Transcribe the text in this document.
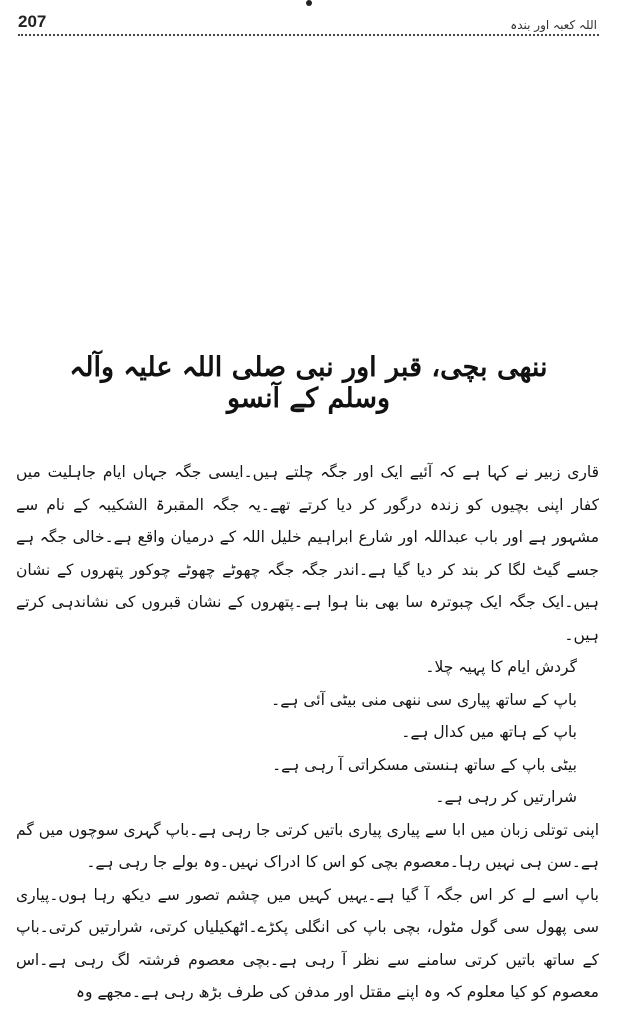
207	اللہ کعبہ اور بندہ
ننھی بچی، قبر اور نبی صلی اللہ علیہ وآلہ وسلم کے آنسو

قاری زبیر نے کہا ہے کہ آئیے ایک اور جگہ چلتے ہیں۔ایسی جگہ جہاں ایام جاہلیت میں کفار اپنی بچیوں کو زندہ درگور کر دیا کرتے تھے۔یہ جگہ المقبرۃ الشکیبہ کے نام سے مشہور ہے اور باب عبداللہ اور شارع ابراہیم خلیل اللہ کے درمیان واقع ہے۔خالی جگہ ہے جسے گیٹ لگا کر بند کر دیا گیا ہے۔اندر جگہ جگہ چھوٹے چھوٹے چوکور پتھروں کے نشان ہیں۔ایک جگہ ایک چبوترہ سا بھی بنا ہوا ہے۔پتھروں کے نشان قبروں کی نشاندہی کرتے ہیں۔

گردش ایام کا پہیہ چلا۔

باپ کے ساتھ پیاری سی ننھی منی بیٹی آئی ہے۔

باپ کے ہاتھ میں کدال ہے۔

بیٹی باپ کے ساتھ ہنستی مسکراتی آ رہی ہے۔

شرارتیں کر رہی ہے۔

اپنی توتلی زبان میں ابا سے پیاری پیاری باتیں کرتی جا رہی ہے۔باپ گہری سوچوں میں گم ہے۔سن ہی نہیں رہا۔معصوم بچی کو اس کا ادراک نہیں۔وہ بولے جا رہی ہے۔

باپ اسے لے کر اس جگہ آ گیا ہے۔یہیں کہیں میں چشم تصور سے دیکھ رہا ہوں۔پیاری سی پھول سی گول مٹول، بچی باپ کی انگلی پکڑے۔اٹھکیلیاں کرتی، شرارتیں کرتی۔باپ کے ساتھ باتیں کرتی سامنے سے نظر آ رہی ہے۔بچی معصوم فرشتہ لگ رہی ہے۔اس معصوم کو کیا معلوم کہ وہ اپنے مقتل اور مدفن کی طرف بڑھ رہی ہے۔مجھے وہ
